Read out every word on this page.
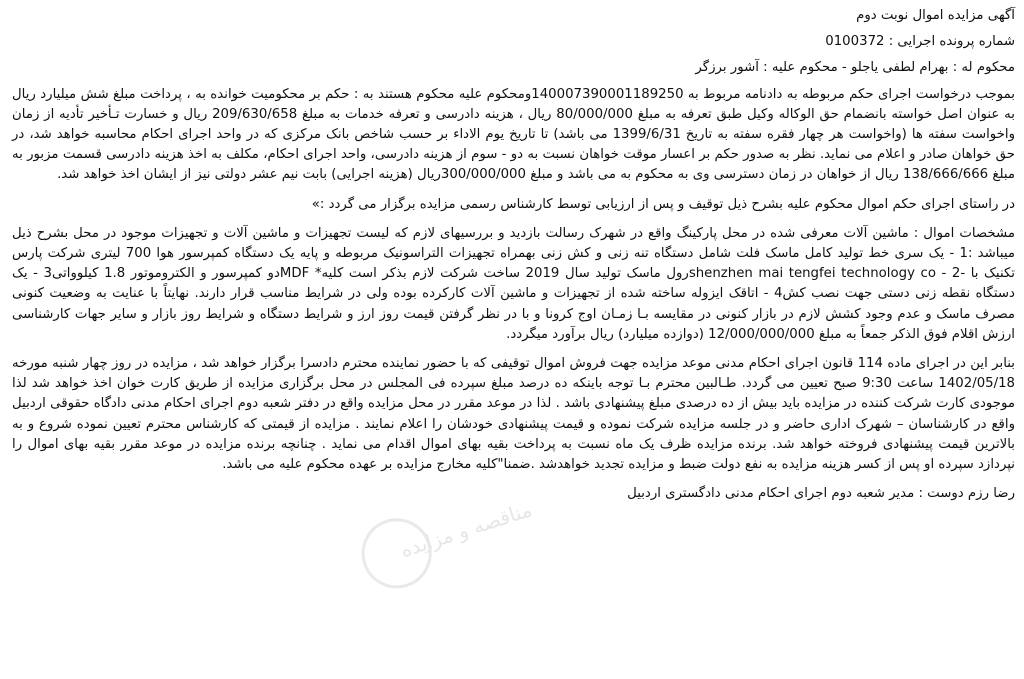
آگهی مزایده اموال نوبت دوم

شماره پرونده اجرایی : 0100372

محکوم له : بهرام لطفی یاجلو - محکوم علیه : آشور برزگر

بموجب درخواست اجرای حکم مربوطه به دادنامه مربوط به 140007390001189250ومحکوم علیه محکوم هستند به : حکم بر محکومیت خوانده به ، پرداخت مبلغ شش میلیارد ریال به عنوان اصل خواسته بانضمام حق الوکاله وکیل طبق تعرفه به مبلغ 80/000/000 ریال ، هزینه دادرسی و تعرفه خدمات به مبلغ 209/630/658 ریال و خسارت تـأخیر تأدیه از زمان واخواست سفته ها (واخواست هر چهار فقره سفته به تاریخ 1399/6/31 می باشد) تا تاریخ یوم الاداء بر حسب شاخص بانک مرکزی که در واحد اجرای احکام محاسبه خواهد شد، در حق خواهان صادر و اعلام می نماید. نظر به صدور حکم بر اعسار موقت خواهان نسبت به دو - سوم از هزینه دادرسی، واحد اجرای احکام، مکلف به اخذ هزینه دادرسی قسمت مزبور به مبلغ 138/666/666 ریال از خواهان در زمان دسترسی وی به محکوم به می باشد و مبلغ 300/000/000ریال (هزینه اجرایی) بابت نیم عشر دولتی نیز از ایشان اخذ خواهد شد.

در راستای اجرای حکم اموال محکوم علیه بشرح ذیل توقیف و پس از ارزیابی توسط کارشناس رسمی مزایده برگزار می گردد :»

مشخصات اموال : ماشین آلات معرفی شده در محل پارکینگ واقع در شهرک رسالت بازدید و بررسیهای لازم که لیست تجهیزات و ماشین آلات و تجهیزات موجود در محل بشرح ذیل میباشد :1 - یک سری خط تولید کامل ماسک فلت شامل دستگاه تنه زنی و کش زنی بهمراه تجهیزات التراسونیک مربوطه و پایه یک دستگاه کمپرسور هوا 700 لیتری شرکت پارس تکنیک با -2 - shenzhen mai tengfei technology coرول ماسک تولید سال 2019 ساخت شرکت لازم بذکر است کلیه* MDFدو کمپرسور و الکتروموتور 1.8 کیلوواتی3 - یک دستگاه نقطه زنی دستی جهت نصب کش4 - اتاقک ایزوله ساخته شده از تجهیزات و ماشین آلات کارکرده بوده ولی در شرایط مناسب قرار دارند. نهایتاً با عنایت به وضعیت کنونی مصرف ماسک و عدم وجود کشش لازم در بازار کنونی در مقایسه بـا زمـان اوج کرونا و با در نظر گرفتن قیمت روز ارز و شرایط دستگاه و شرایط روز بازار و سایر جهات کارشناسی ارزش اقلام فوق الذکر جمعاً به مبلغ 12/000/000/000 (دوازده میلیارد) ریال برآورد میگردد.

بنابر این در اجرای ماده 114 قانون اجرای احکام مدنی موعد مزایده جهت فروش اموال توقیفی که با حضور نماینده محترم دادسرا برگزار خواهد شد ، مزایده در روز چهار شنبه مورخه 1402/05/18 ساعت 9:30 صبح تعیین می گردد. طـالبین محترم بـا توجه باینکه ده درصد مبلغ سپرده فی المجلس در محل برگزاری مزایده از طریق کارت خوان اخذ خواهد شد لذا موجودی کارت شرکت کننده در مزایده باید بیش از ده درصدی مبلغ پیشنهادی باشد . لذا در موعد مقرر در محل مزایده واقع در دفتر شعبه دوم اجرای احکام مدنی دادگاه حقوقی اردبیل واقع در کارشناسان – شهرک اداری حاضر و در جلسه مزایده شرکت نموده و قیمت پیشنهادی خودشان را اعلام نمایند . مزایده از قیمتی که کارشناس محترم تعیین نموده شروع و به بالاترین قیمت پیشنهادی فروخته خواهد شد. برنده مزایده ظرف یک ماه نسبت به پرداخت بقیه بهای اموال اقدام می نماید . چنانچه برنده مزایده در موعد مقرر بقیه بهای اموال را نپردازد سپرده او پس از کسر هزینه مزایده به نفع دولت ضبط و مزایده تجدید خواهدشد .ضمنا"کلیه مخارج مزایده بر عهده محکوم علیه می باشد.

رضا رزم دوست : مدیر شعبه دوم اجرای احکام مدنی دادگستری اردبیل

مناقصه و مزایده
